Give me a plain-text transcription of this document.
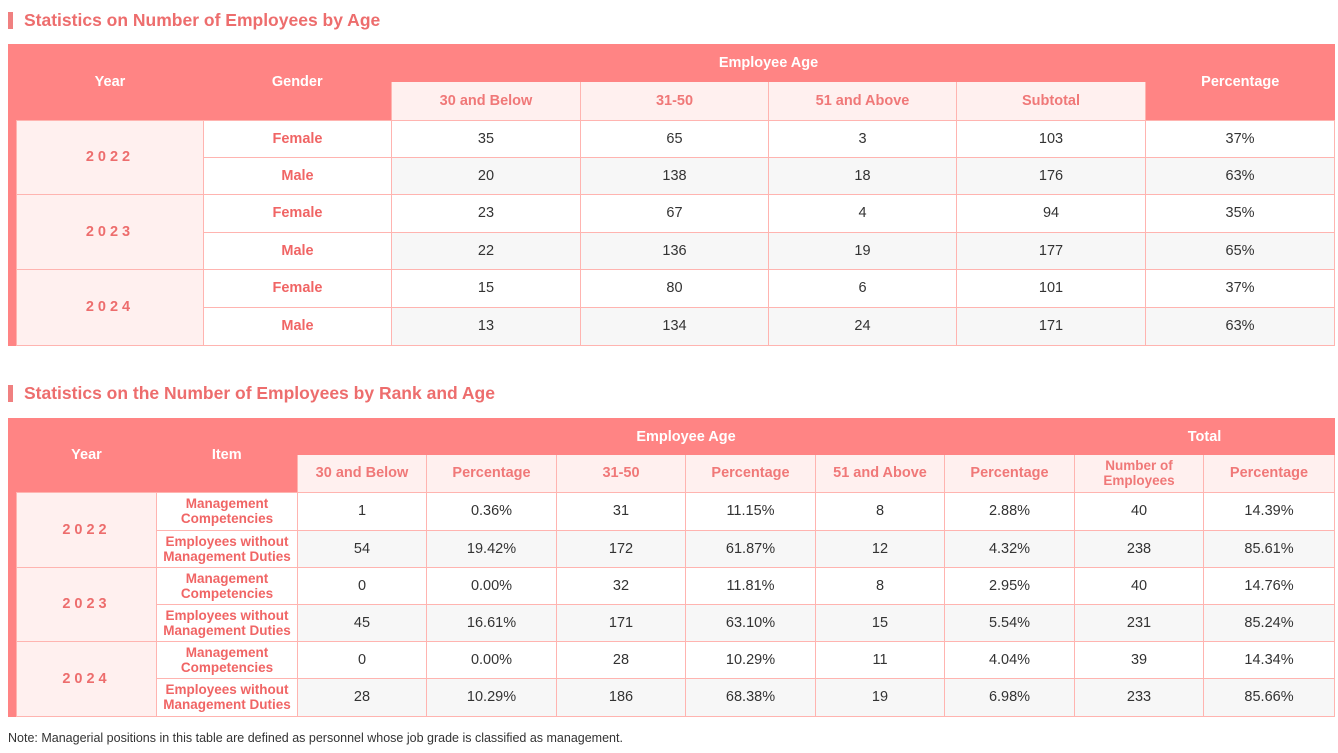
Statistics on Number of Employees by Age
Year	Gender	Employee Age				Percentage
		30 and Below	31-50	51 and Above	Subtotal	
2022	Female	35	65	3	103	37%
	Male	20	138	18	176	63%
2023	Female	23	67	4	94	35%
	Male	22	136	19	177	65%
2024	Female	15	80	6	101	37%
	Male	13	134	24	171	63%
Statistics on the Number of Employees by Rank and Age
Year	Item	Employee Age						Total	
		30 and Below	Percentage	31-50	Percentage	51 and Above	Percentage	Number of Employees	Percentage
2022	Management Competencies	1	0.36%	31	11.15%	8	2.88%	40	14.39%
	Employees without Management Duties	54	19.42%	172	61.87%	12	4.32%	238	85.61%
2023	Management Competencies	0	0.00%	32	11.81%	8	2.95%	40	14.76%
	Employees without Management Duties	45	16.61%	171	63.10%	15	5.54%	231	85.24%
2024	Management Competencies	0	0.00%	28	10.29%	11	4.04%	39	14.34%
	Employees without Management Duties	28	10.29%	186	68.38%	19	6.98%	233	85.66%
Note: Managerial positions in this table are defined as personnel whose job grade is classified as management.
